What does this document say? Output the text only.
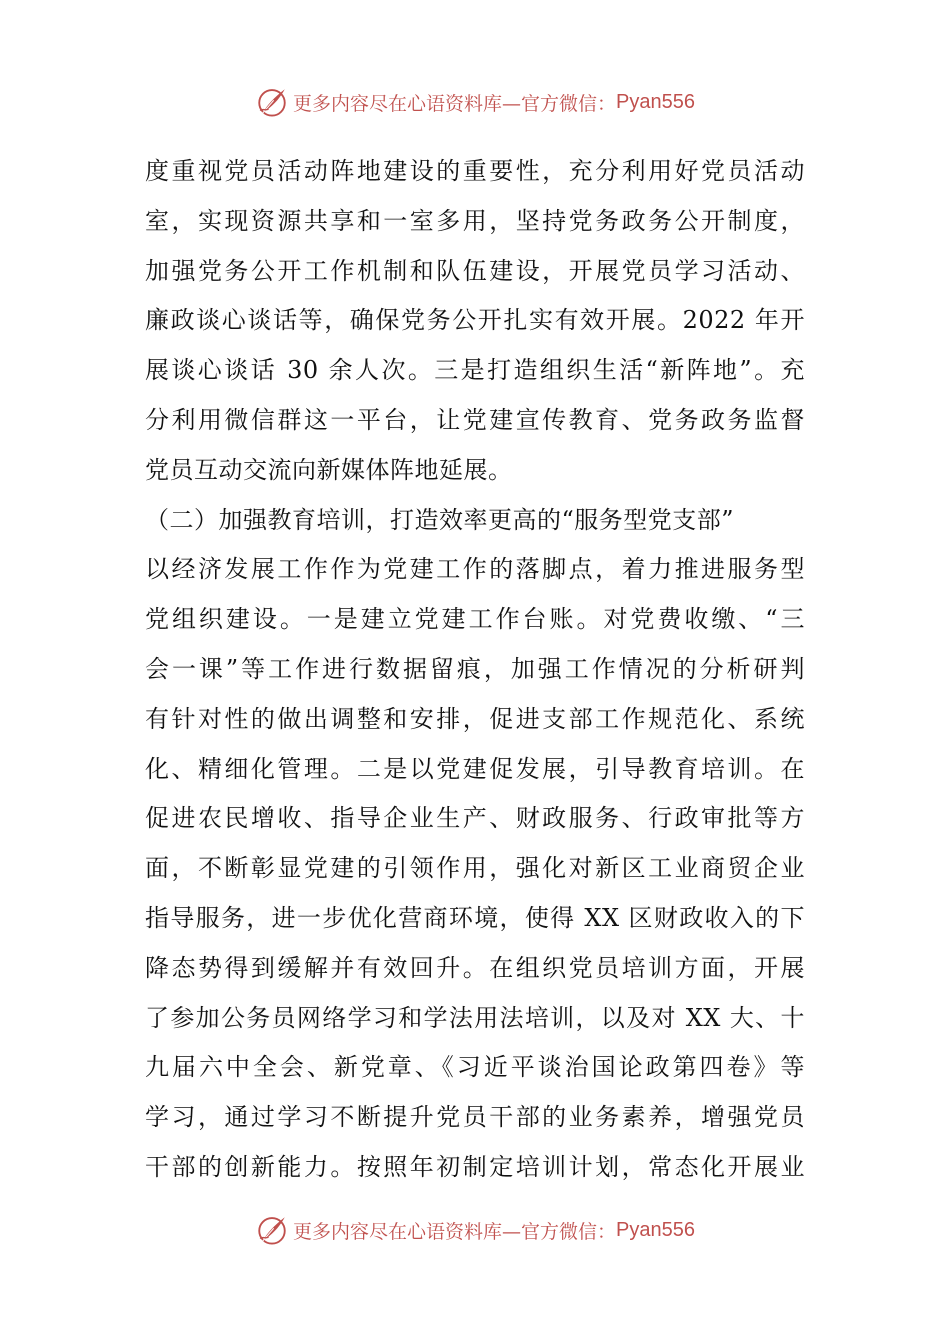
更多内容尽在心语资料库—官方微信： Pyan556
度重视党员活动阵地建设的重要性，充分利用好党员活动
室，实现资源共享和一室多用，坚持党务政务公开制度，
加强党务公开工作机制和队伍建设，开展党员学习活动、
廉政谈心谈话等，确保党务公开扎实有效开展。2022 年开
展谈心谈话 30 余人次。三是打造组织生活“新阵地”。充
分利用微信群这一平台，让党建宣传教育、党务政务监督
党员互动交流向新媒体阵地延展。
（二）加强教育培训，打造效率更高的“服务型党支部”
以经济发展工作作为党建工作的落脚点，着力推进服务型
党组织建设。一是建立党建工作台账。对党费收缴、“三
会一课”等工作进行数据留痕，加强工作情况的分析研判
有针对性的做出调整和安排，促进支部工作规范化、系统
化、精细化管理。二是以党建促发展，引导教育培训。在
促进农民增收、指导企业生产、财政服务、行政审批等方
面，不断彰显党建的引领作用，强化对新区工业商贸企业
指导服务，进一步优化营商环境，使得 XX 区财政收入的下
降态势得到缓解并有效回升。在组织党员培训方面，开展
了参加公务员网络学习和学法用法培训，以及对 XX 大、十
九届六中全会、新党章、《习近平谈治国论政第四卷》等
学习，通过学习不断提升党员干部的业务素养，增强党员
干部的创新能力。按照年初制定培训计划，常态化开展业
更多内容尽在心语资料库—官方微信： Pyan556
